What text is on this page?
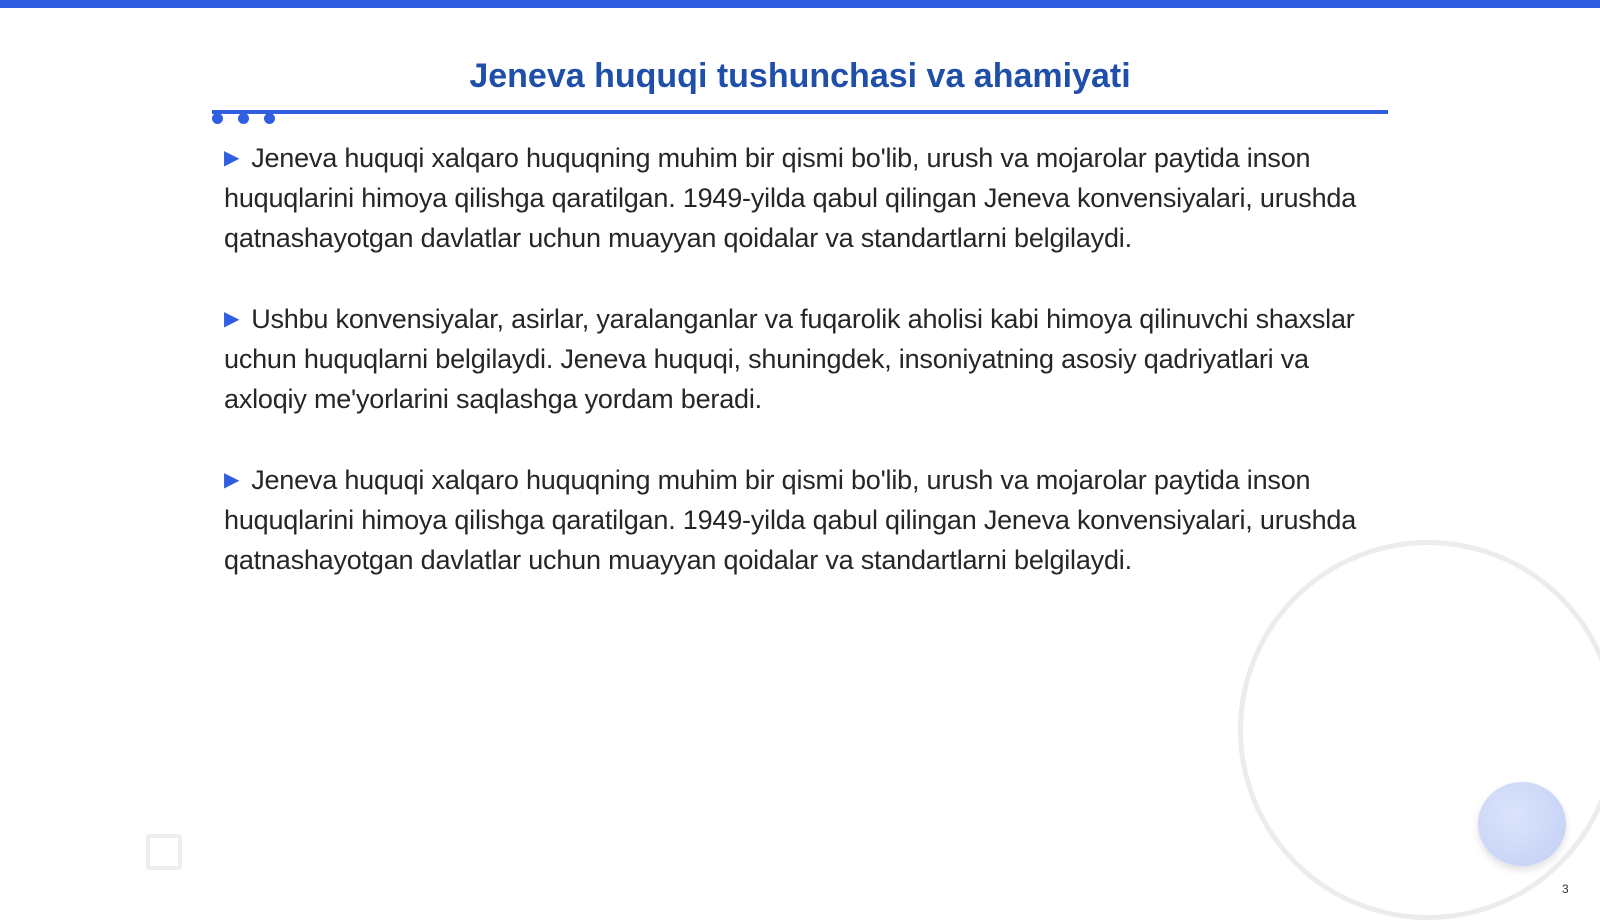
Jeneva huquqi tushunchasi va ahamiyati

▶ Jeneva huquqi xalqaro huquqning muhim bir qismi bo'lib, urush va mojarolar paytida inson huquqlarini himoya qilishga qaratilgan. 1949-yilda qabul qilingan Jeneva konvensiyalari, urushda qatnashayotgan davlatlar uchun muayyan qoidalar va standartlarni belgilaydi.

▶ Ushbu konvensiyalar, asirlar, yaralanganlar va fuqarolik aholisi kabi himoya qilinuvchi shaxslar uchun huquqlarni belgilaydi. Jeneva huquqi, shuningdek, insoniyatning asosiy qadriyatlari va axloqiy me'yorlarini saqlashga yordam beradi.

▶ Jeneva huquqi xalqaro huquqning muhim bir qismi bo'lib, urush va mojarolar paytida inson huquqlarini himoya qilishga qaratilgan. 1949-yilda qabul qilingan Jeneva konvensiyalari, urushda qatnashayotgan davlatlar uchun muayyan qoidalar va standartlarni belgilaydi.

3
